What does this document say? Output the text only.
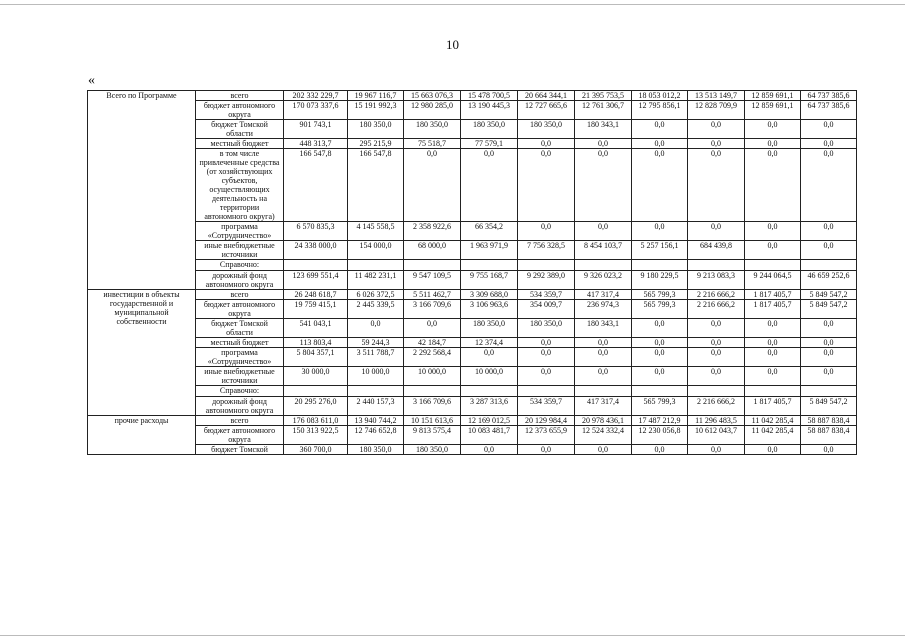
10
«
Всего по Программе	всего	202 332 229,7	19 967 116,7	15 663 076,3	15 478 700,5	20 664 344,1	21 395 753,5	18 053 012,2	13 513 149,7	12 859 691,1	64 737 385,6
	бюджет автономного округа	170 073 337,6	15 191 992,3	12 980 285,0	13 190 445,3	12 727 665,6	12 761 306,7	12 795 856,1	12 828 709,9	12 859 691,1	64 737 385,6
	бюджет Томской области	901 743,1	180 350,0	180 350,0	180 350,0	180 350,0	180 343,1	0,0	0,0	0,0	0,0
	местный бюджет	448 313,7	295 215,9	75 518,7	77 579,1	0,0	0,0	0,0	0,0	0,0	0,0
	в том числе привлеченные средства (от хозяйствующих субъектов, осуществляющих деятельность на территории автономного округа)	166 547,8	166 547,8	0,0	0,0	0,0	0,0	0,0	0,0	0,0	0,0
	программа «Сотрудничество»	6 570 835,3	4 145 558,5	2 358 922,6	66 354,2	0,0	0,0	0,0	0,0	0,0	0,0
	иные внебюджетные источники	24 338 000,0	154 000,0	68 000,0	1 963 971,9	7 756 328,5	8 454 103,7	5 257 156,1	684 439,8	0,0	0,0
	Справочно:										
	дорожный фонд автономного округа	123 699 551,4	11 482 231,1	9 547 109,5	9 755 168,7	9 292 389,0	9 326 023,2	9 180 229,5	9 213 083,3	9 244 064,5	46 659 252,6
инвестиции в объекты государственной и муниципальной собственности	всего	26 248 618,7	6 026 372,5	5 511 462,7	3 309 688,0	534 359,7	417 317,4	565 799,3	2 216 666,2	1 817 405,7	5 849 547,2
	бюджет автономного округа	19 759 415,1	2 445 339,5	3 166 709,6	3 106 963,6	354 009,7	236 974,3	565 799,3	2 216 666,2	1 817 405,7	5 849 547,2
	бюджет Томской области	541 043,1	0,0	0,0	180 350,0	180 350,0	180 343,1	0,0	0,0	0,0	0,0
	местный бюджет	113 803,4	59 244,3	42 184,7	12 374,4	0,0	0,0	0,0	0,0	0,0	0,0
	программа «Сотрудничество»	5 804 357,1	3 511 788,7	2 292 568,4	0,0	0,0	0,0	0,0	0,0	0,0	0,0
	иные внебюджетные источники	30 000,0	10 000,0	10 000,0	10 000,0	0,0	0,0	0,0	0,0	0,0	0,0
	Справочно:										
	дорожный фонд автономного округа	20 295 276,0	2 440 157,3	3 166 709,6	3 287 313,6	534 359,7	417 317,4	565 799,3	2 216 666,2	1 817 405,7	5 849 547,2
прочие расходы	всего	176 083 611,0	13 940 744,2	10 151 613,6	12 169 012,5	20 129 984,4	20 978 436,1	17 487 212,9	11 296 483,5	11 042 285,4	58 887 838,4
	бюджет автономного округа	150 313 922,5	12 746 652,8	9 813 575,4	10 083 481,7	12 373 655,9	12 524 332,4	12 230 056,8	10 612 043,7	11 042 285,4	58 887 838,4
	бюджет Томской	360 700,0	180 350,0	180 350,0	0,0	0,0	0,0	0,0	0,0	0,0	0,0
